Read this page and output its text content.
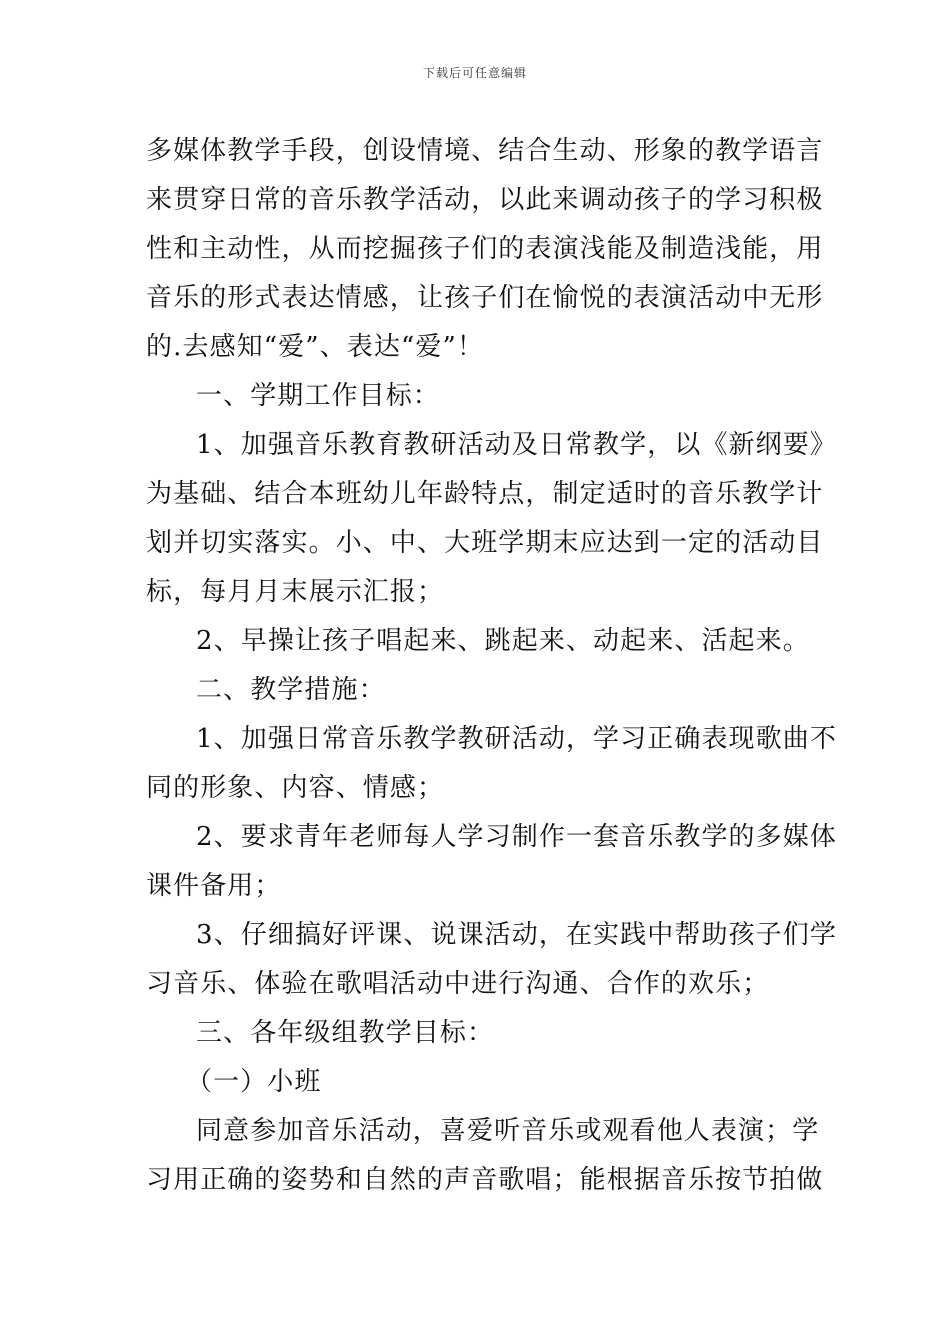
下载后可任意编辑
多媒体教学手段，创设情境、结合生动、形象的教学语言
来贯穿日常的音乐教学活动，以此来调动孩子的学习积极
性和主动性，从而挖掘孩子们的表演浅能及制造浅能，用
音乐的形式表达情感，让孩子们在愉悦的表演活动中无形
的.去感知“爱”、表达“爱”！
一、学期工作目标：
1、加强音乐教育教研活动及日常教学，以《新纲要》
为基础、结合本班幼儿年龄特点，制定适时的音乐教学计
划并切实落实。小、中、大班学期末应达到一定的活动目
标，每月月末展示汇报；
2、早操让孩子唱起来、跳起来、动起来、活起来。
二、教学措施：
1、加强日常音乐教学教研活动，学习正确表现歌曲不
同的形象、内容、情感；
2、要求青年老师每人学习制作一套音乐教学的多媒体
课件备用；
3、仔细搞好评课、说课活动，在实践中帮助孩子们学
习音乐、体验在歌唱活动中进行沟通、合作的欢乐；
三、各年级组教学目标：
（一）小班
同意参加音乐活动，喜爱听音乐或观看他人表演；学
习用正确的姿势和自然的声音歌唱；能根据音乐按节拍做
